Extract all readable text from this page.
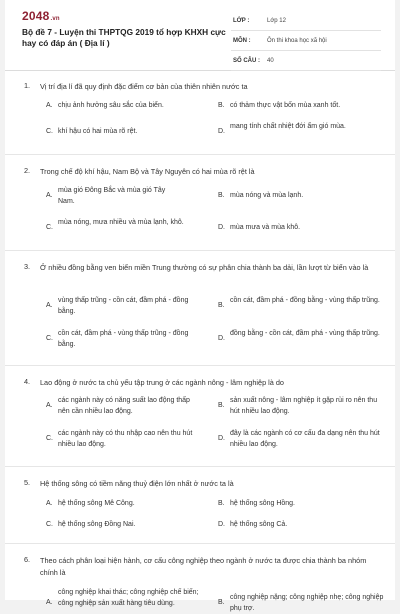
2048.vn
Bộ đề 7 - Luyện thi THPTQG 2019 tổ hợp KHXH cực hay có đáp án ( Địa lí )
LỚP :	Lớp 12
MÔN :	Ôn thi khoa học xã hội
SỐ CÂU :	40
1. Vị trí địa lí đã quy định đặc điểm cơ bản của thiên nhiên nước ta
A. chịu ảnh hưởng sâu sắc của biển.	B. có thảm thực vật bốn mùa xanh tốt.
C. khí hậu có hai mùa rõ rệt.	D.
mang tính chất nhiệt đới ẩm gió mùa.
2. Trong chế độ khí hậu, Nam Bộ và Tây Nguyên có hai mùa rõ rệt là
A.
mùa gió Đông Bắc và mùa gió Tây Nam.
B. mùa nóng và mùa lạnh.
C.
mùa nóng, mưa nhiều và mùa lạnh, khô.
D. mùa mưa và mùa khô.
3. Ở nhiều đồng bằng ven biển miền Trung thường có sự phân chia thành ba dải, lần lượt từ biển vào là
A.
vùng thấp trũng - cồn cát, đầm phá - đồng bằng.
B.
cồn cát, đầm phá - đồng bằng - vùng thấp trũng.
C.
cồn cát, đầm phá - vùng thấp trũng - đồng bằng.
D.
đồng bằng - cồn cát, đầm phá - vùng thấp trũng.
4. Lao động ở nước ta chủ yếu tập trung ở các ngành nông - lâm nghiệp là do
A.
các ngành này có năng suất lao động thấp nên cần nhiều lao động.
B.
sản xuất nông - lâm nghiệp ít gặp rủi ro nên thu hút nhiều lao động.
C.
các ngành này có thu nhập cao nên thu hút nhiều lao động.
D.
đây là các ngành có cơ cấu đa dạng nên thu hút nhiều lao động.
5. Hệ thống sông có tiềm năng thuỷ điện lớn nhất ở nước ta là
A. hệ thống sông Mê Công.	B. hệ thống sông Hồng.
C. hệ thống sông Đồng Nai.	D. hệ thống sông Cả.
6. Theo cách phân loại hiện hành, cơ cấu công nghiệp theo ngành ở nước ta được chia thành ba nhóm chính là
A.
công nghiệp khai thác; công nghiệp chế biến; công nghiệp sản xuất hàng tiêu dùng.	B.
công nghiệp nặng; công nghiệp nhẹ; công nghiệp phụ trợ.
